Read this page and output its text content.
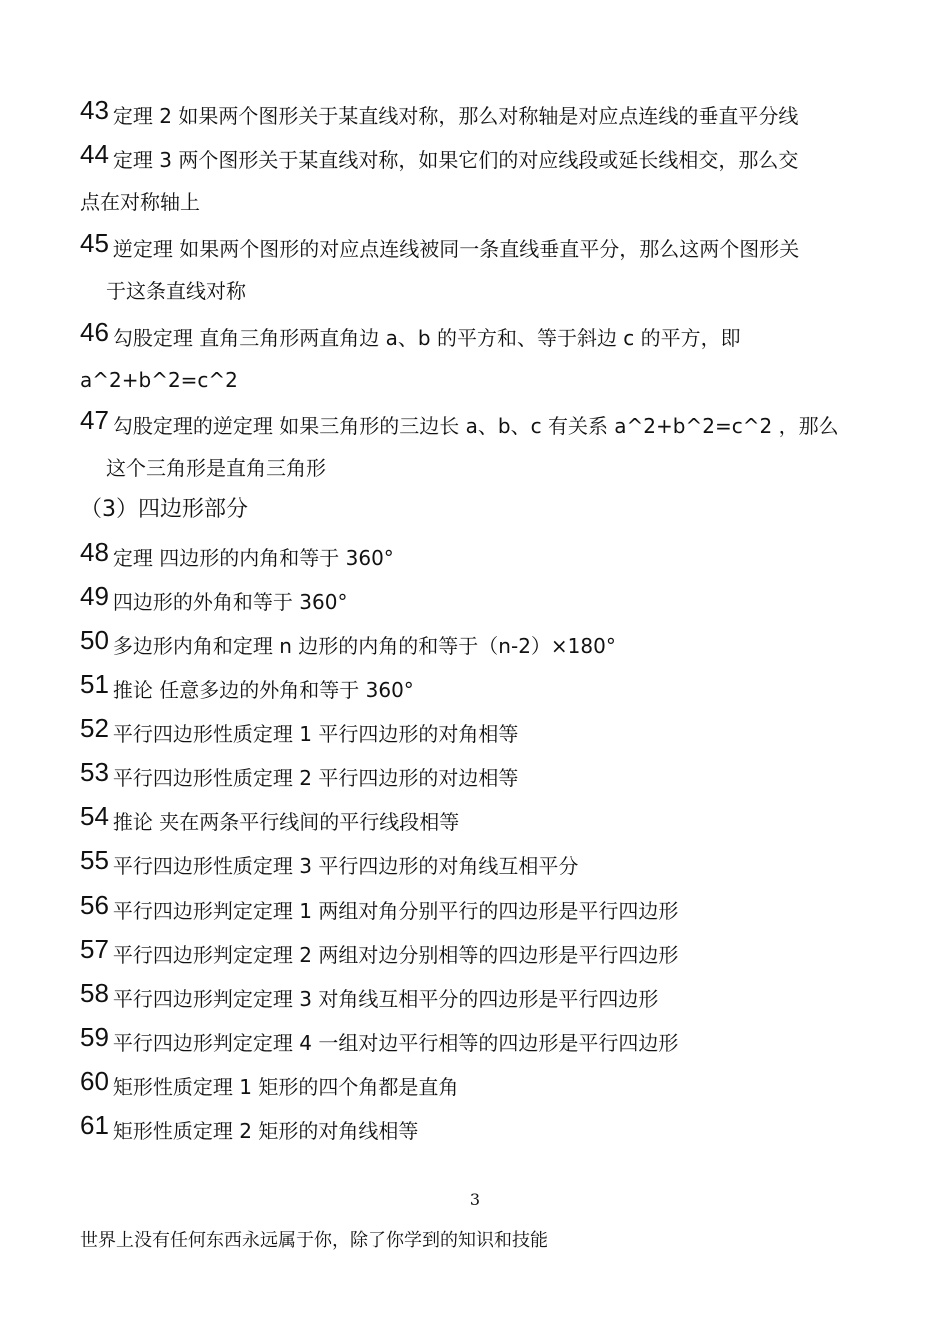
43 定理 2 如果两个图形关于某直线对称，那么对称轴是对应点连线的垂直平分线
44 定理 3 两个图形关于某直线对称，如果它们的对应线段或延长线相交，那么交
点在对称轴上
45 逆定理 如果两个图形的对应点连线被同一条直线垂直平分，那么这两个图形关
于这条直线对称
46 勾股定理 直角三角形两直角边 a、b 的平方和、等于斜边 c 的平方，即
a^2+b^2=c^2
47 勾股定理的逆定理 如果三角形的三边长 a、b、c 有关系 a^2+b^2=c^2 ，那么
这个三角形是直角三角形
（3）四边形部分
48 定理 四边形的内角和等于 360°
49 四边形的外角和等于 360°
50 多边形内角和定理 n 边形的内角的和等于（n-2）×180°
51 推论 任意多边的外角和等于 360°
52 平行四边形性质定理 1 平行四边形的对角相等
53 平行四边形性质定理 2 平行四边形的对边相等
54 推论 夹在两条平行线间的平行线段相等
55 平行四边形性质定理 3 平行四边形的对角线互相平分
56 平行四边形判定定理 1 两组对角分别平行的四边形是平行四边形
57 平行四边形判定定理 2 两组对边分别相等的四边形是平行四边形
58 平行四边形判定定理 3 对角线互相平分的四边形是平行四边形
59 平行四边形判定定理 4 一组对边平行相等的四边形是平行四边形
60 矩形性质定理 1 矩形的四个角都是直角
61 矩形性质定理 2 矩形的对角线相等
3
世界上没有任何东西永远属于你，除了你学到的知识和技能
